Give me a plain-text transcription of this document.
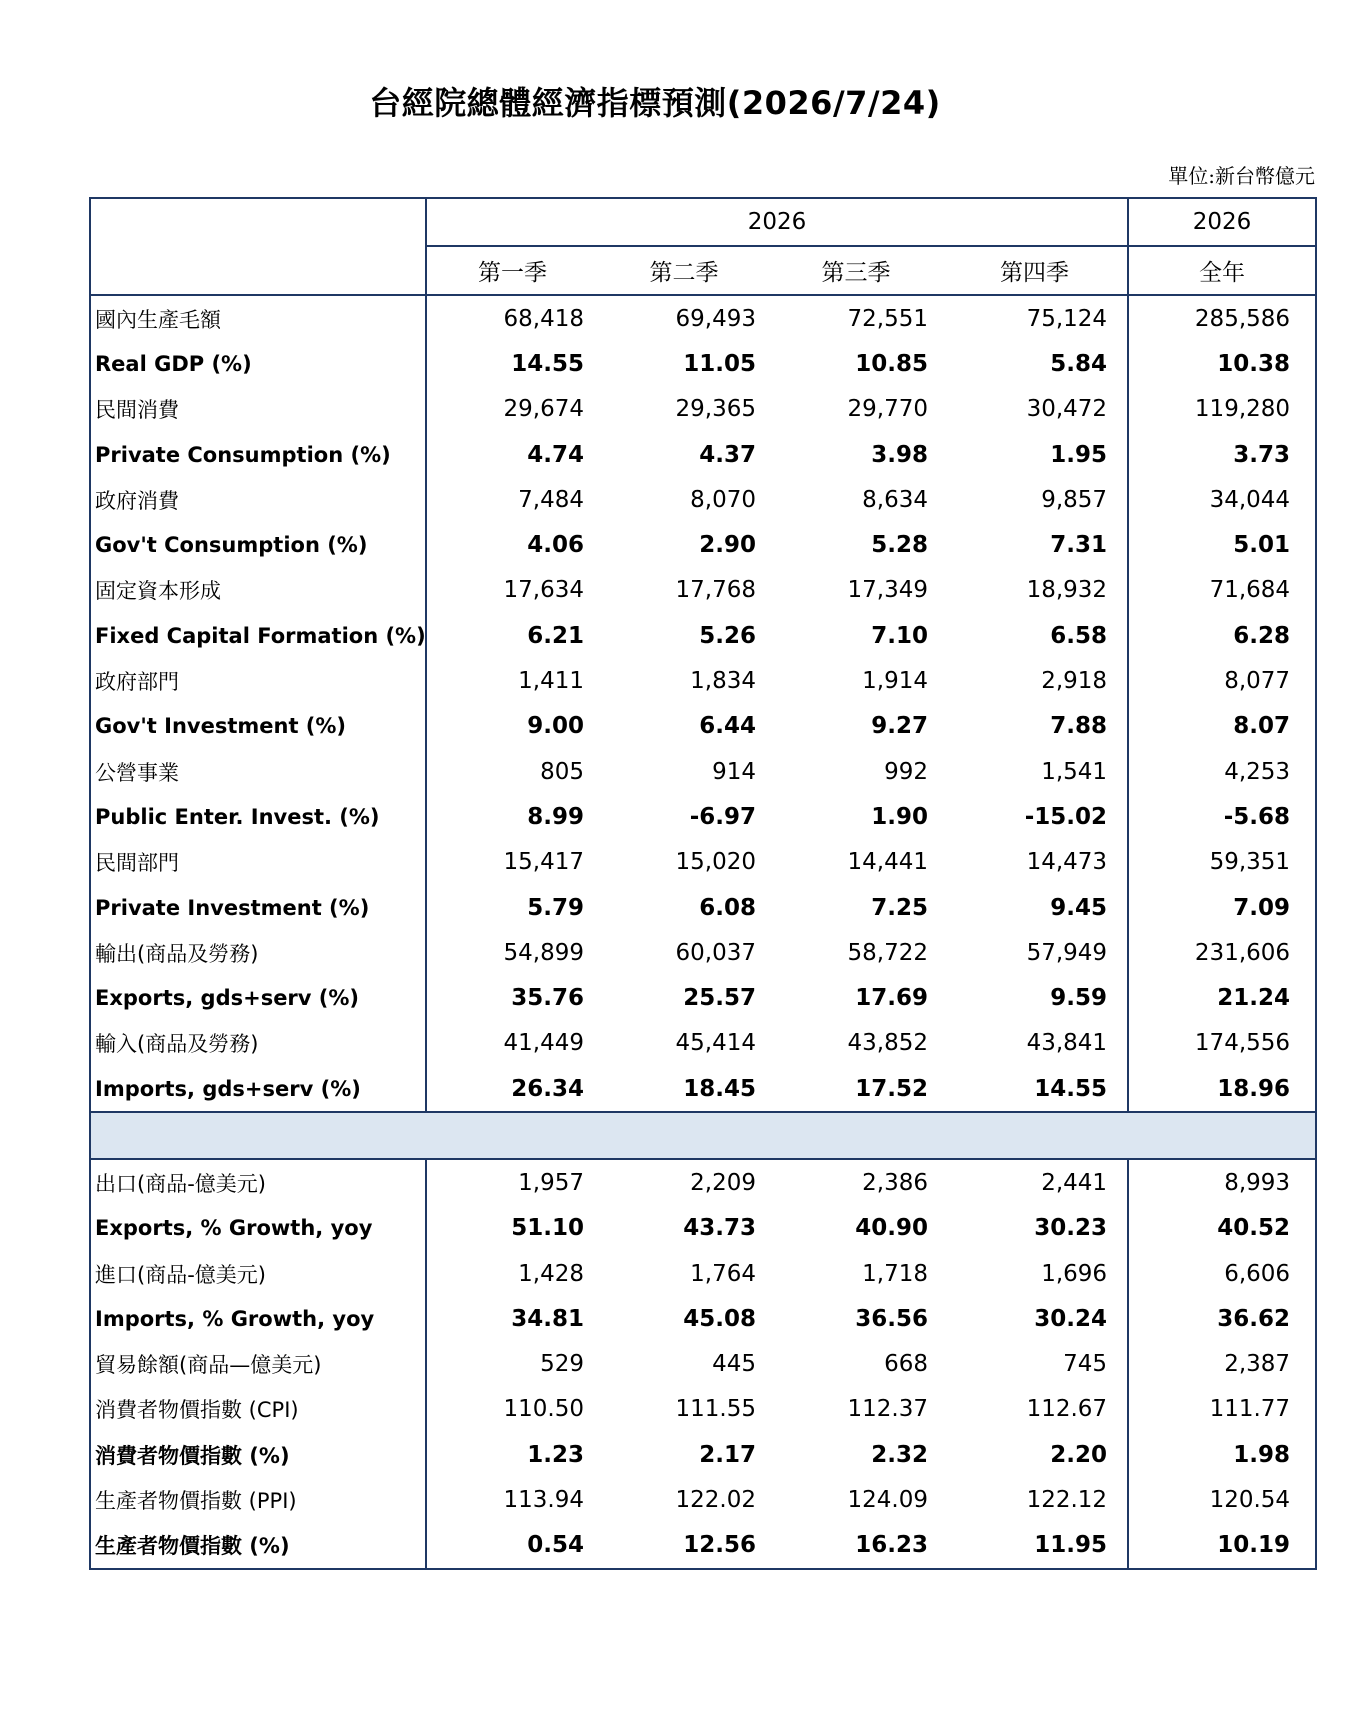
台經院總體經濟指標預測(2026/7/24)
單位:新台幣億元
	2026				2026
	第一季	第二季	第三季	第四季	全年
國內生產毛額	68,418	69,493	72,551	75,124	285,586
Real GDP (%)	14.55	11.05	10.85	5.84	10.38
民間消費	29,674	29,365	29,770	30,472	119,280
Private Consumption (%)	4.74	4.37	3.98	1.95	3.73
政府消費	7,484	8,070	8,634	9,857	34,044
Gov't Consumption (%)	4.06	2.90	5.28	7.31	5.01
固定資本形成	17,634	17,768	17,349	18,932	71,684
Fixed Capital Formation (%)	6.21	5.26	7.10	6.58	6.28
政府部門	1,411	1,834	1,914	2,918	8,077
Gov't Investment (%)	9.00	6.44	9.27	7.88	8.07
公營事業	805	914	992	1,541	4,253
Public Enter. Invest. (%)	8.99	-6.97	1.90	-15.02	-5.68
民間部門	15,417	15,020	14,441	14,473	59,351
Private Investment (%)	5.79	6.08	7.25	9.45	7.09
輸出(商品及勞務)	54,899	60,037	58,722	57,949	231,606
Exports, gds+serv (%)	35.76	25.57	17.69	9.59	21.24
輸入(商品及勞務)	41,449	45,414	43,852	43,841	174,556
Imports, gds+serv (%)	26.34	18.45	17.52	14.55	18.96

出口(商品-億美元)	1,957	2,209	2,386	2,441	8,993
Exports, % Growth, yoy	51.10	43.73	40.90	30.23	40.52
進口(商品-億美元)	1,428	1,764	1,718	1,696	6,606
Imports, % Growth, yoy	34.81	45.08	36.56	30.24	36.62
貿易餘額(商品—億美元)	529	445	668	745	2,387
消費者物價指數 (CPI)	110.50	111.55	112.37	112.67	111.77
消費者物價指數 (%)	1.23	2.17	2.32	2.20	1.98
生產者物價指數 (PPI)	113.94	122.02	124.09	122.12	120.54
生產者物價指數 (%)	0.54	12.56	16.23	11.95	10.19
